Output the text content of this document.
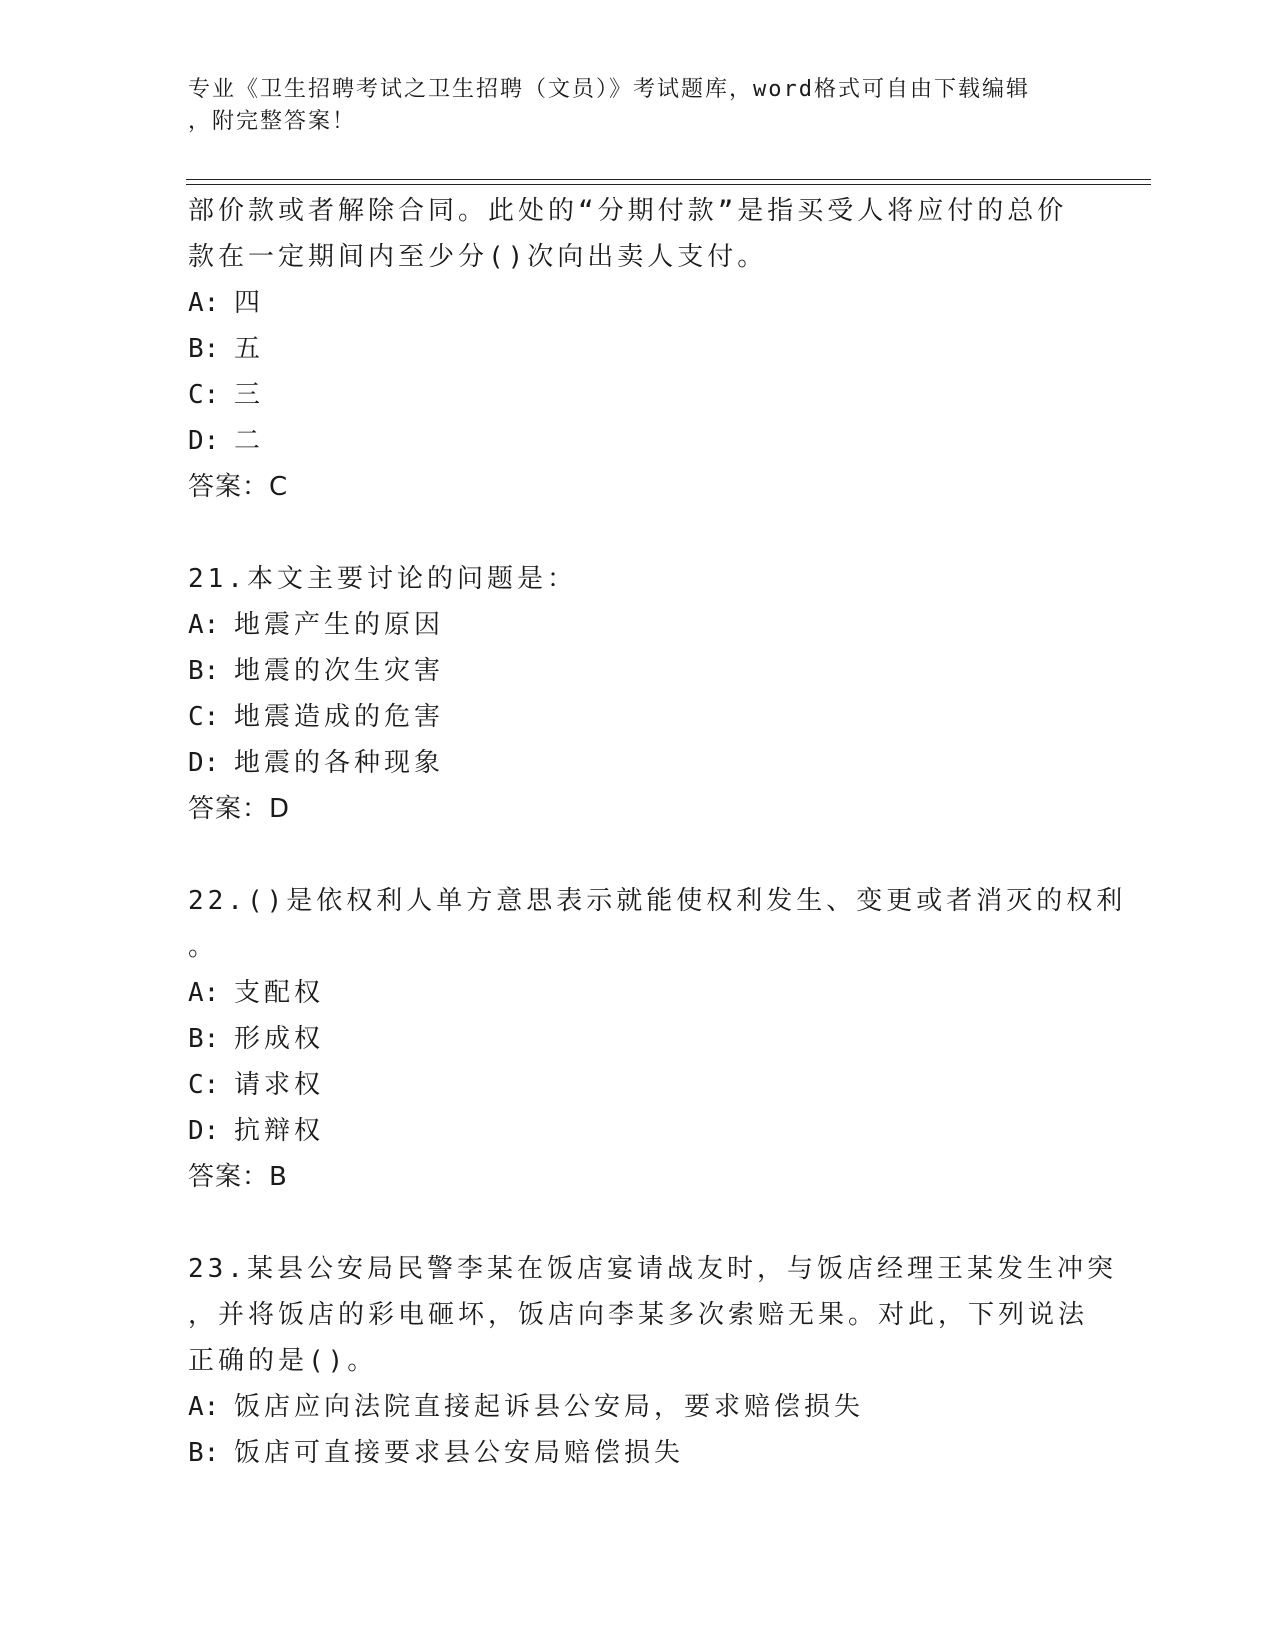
专业《卫生招聘考试之卫生招聘（文员）》考试题库，word格式可自由下载编辑
，附完整答案！
部价款或者解除合同。此处的“分期付款”是指买受人将应付的总价
款在一定期间内至少分()次向出卖人支付。
A: 四
B: 五
C: 三
D: 二
答案：C
21.本文主要讨论的问题是：
A: 地震产生的原因
B: 地震的次生灾害
C: 地震造成的危害
D: 地震的各种现象
答案：D
22.()是依权利人单方意思表示就能使权利发生、变更或者消灭的权利
。
A: 支配权
B: 形成权
C: 请求权
D: 抗辩权
答案：B
23.某县公安局民警李某在饭店宴请战友时，与饭店经理王某发生冲突
，并将饭店的彩电砸坏，饭店向李某多次索赔无果。对此，下列说法
正确的是()。
A: 饭店应向法院直接起诉县公安局，要求赔偿损失
B: 饭店可直接要求县公安局赔偿损失
